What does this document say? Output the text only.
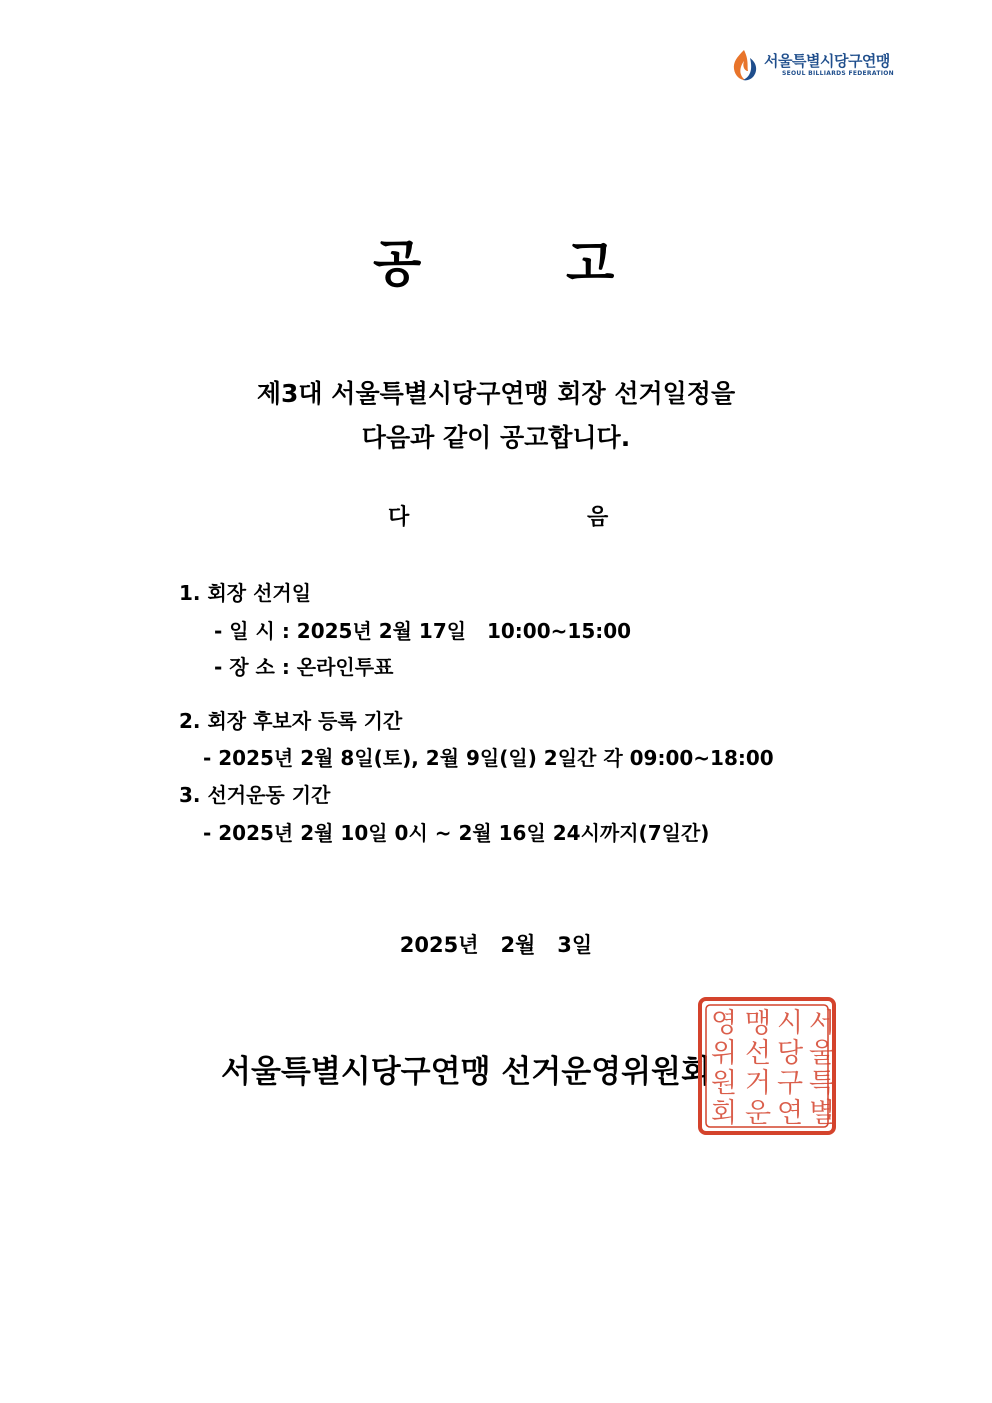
서울특별시당구연맹
SEOUL BILLIARDS FEDERATION
공	고
제3대 서울특별시당구연맹 회장 선거일정을
다음과 같이 공고합니다.
다	음
1. 회장 선거일
- 일 시 : 2025년 2월 17일   10:00~15:00
- 장 소 : 온라인투표
2. 회장 후보자 등록 기간
- 2025년 2월 8일(토), 2월 9일(일) 2일간 각 09:00~18:00
3. 선거운동 기간
- 2025년 2월 10일 0시 ~ 2월 16일 24시까지(7일간)
2025년   2월   3일
서울특별시당구연맹 선거운영위원회
서
울
특
별
시
당
구
연
맹
선
거
운
영
위
원
회
